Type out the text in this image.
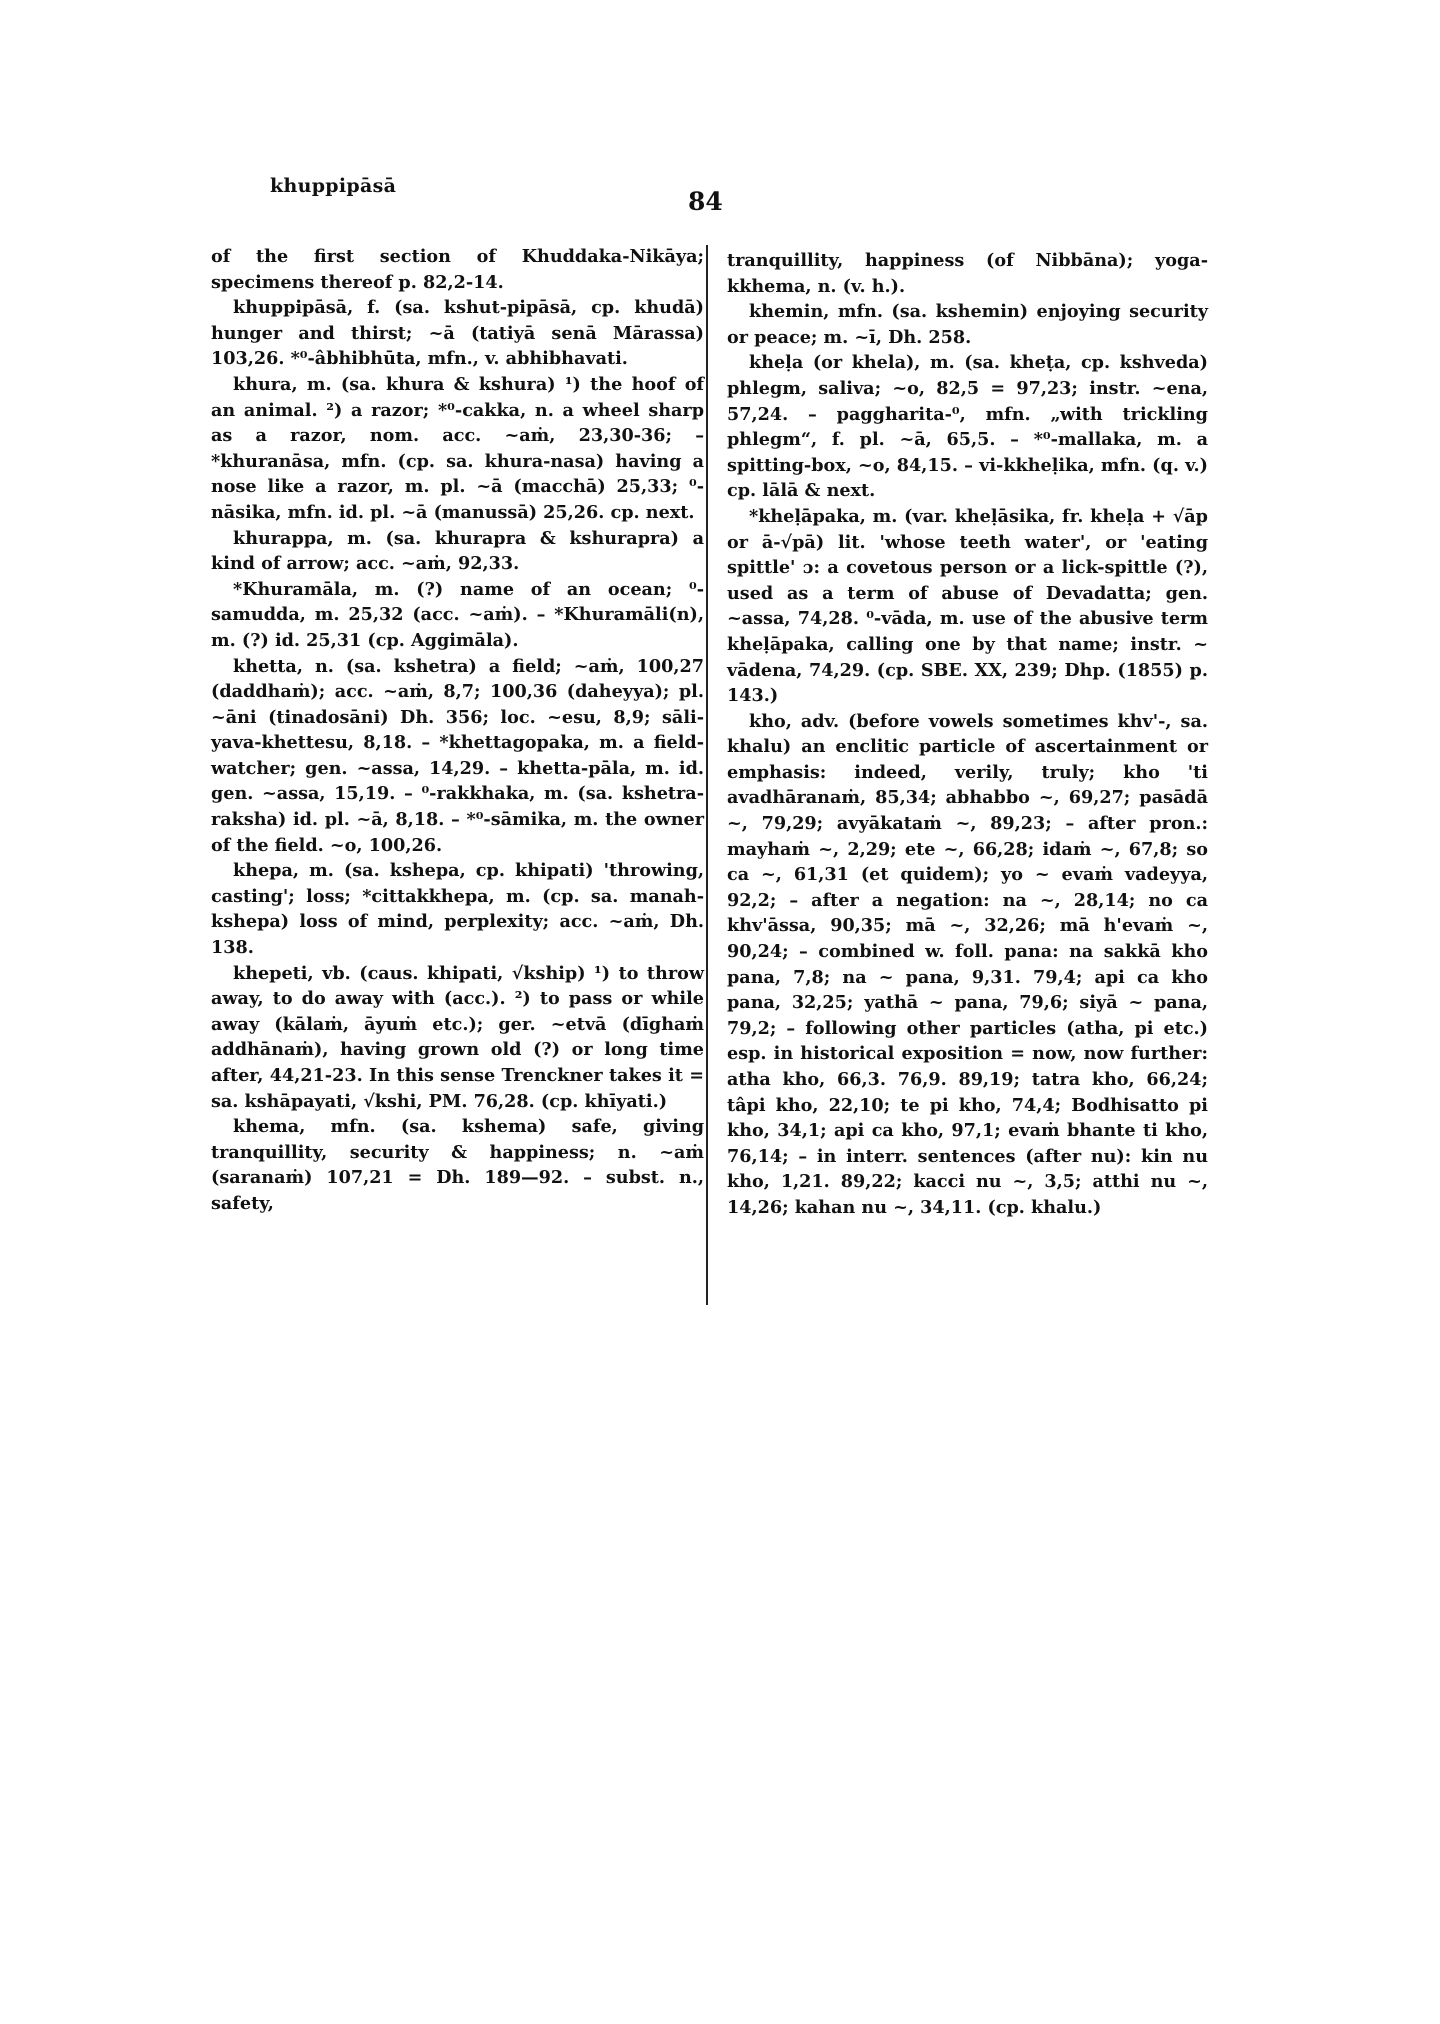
khuppipāsā
84

of the first section of Khuddaka-Nikāya; specimens thereof p. 82,2-14.

khuppipāsā, f. (sa. kshut-pipāsā, cp. khudā) hunger and thirst; ~ā (tatiyā senā Mārassa) 103,26. *⁰-âbhibhūta, mfn., v. abhibhavati.

khura, m. (sa. khura & kshura) ¹) the hoof of an animal. ²) a razor; *⁰-cakka, n. a wheel sharp as a razor, nom. acc. ~aṁ, 23,30-36; – *khuranāsa, mfn. (cp. sa. khura-nasa) having a nose like a razor, m. pl. ~ā (macchā) 25,33; ⁰-nāsika, mfn. id. pl. ~ā (manussā) 25,26. cp. next.

khurappa, m. (sa. khurapra & kshurapra) a kind of arrow; acc. ~aṁ, 92,33.

*Khuramāla, m. (?) name of an ocean; ⁰-samudda, m. 25,32 (acc. ~aṁ). – *Khuramāli(n), m. (?) id. 25,31 (cp. Aggimāla).

khetta, n. (sa. kshetra) a field; ~aṁ, 100,27 (daddhaṁ); acc. ~aṁ, 8,7; 100,36 (daheyya); pl. ~āni (tinadosāni) Dh. 356; loc. ~esu, 8,9; sāli-yava-khettesu, 8,18. – *khettagopaka, m. a field-watcher; gen. ~assa, 14,29. – khetta-pāla, m. id. gen. ~assa, 15,19. – ⁰-rakkhaka, m. (sa. kshetra-raksha) id. pl. ~ā, 8,18. – *⁰-sāmika, m. the owner of the field. ~o, 100,26.

khepa, m. (sa. kshepa, cp. khipati) 'throwing, casting'; loss; *cittakkhepa, m. (cp. sa. manah-kshepa) loss of mind, perplexity; acc. ~aṁ, Dh. 138.

khepeti, vb. (caus. khipati, √kship) ¹) to throw away, to do away with (acc.). ²) to pass or while away (kālaṁ, āyuṁ etc.); ger. ~etvā (dīghaṁ addhānaṁ), having grown old (?) or long time after, 44,21-23. In this sense Trenckner takes it = sa. kshāpayati, √kshi, PM. 76,28. (cp. khīyati.)

khema, mfn. (sa. kshema) safe, giving tranquillity, security & happiness; n. ~aṁ (saranaṁ) 107,21 = Dh. 189—92. – subst. n., safety,

tranquillity, happiness (of Nibbāna); yoga-kkhema, n. (v. h.).

khemin, mfn. (sa. kshemin) enjoying security or peace; m. ~ī, Dh. 258.

kheḷa (or khela), m. (sa. kheṭa, cp. kshveda) phlegm, saliva; ~o, 82,5 = 97,23; instr. ~ena, 57,24. – paggharita-⁰, mfn. „with trickling phlegm“, f. pl. ~ā, 65,5. – *⁰-mallaka, m. a spitting-box, ~o, 84,15. – vi-kkheḷika, mfn. (q. v.) cp. lālā & next.

*kheḷāpaka, m. (var. kheḷāsika, fr. kheḷa + √āp or ā-√pā) lit. 'whose teeth water', or 'eating spittle' ɔ: a covetous person or a lick-spittle (?), used as a term of abuse of Devadatta; gen. ~assa, 74,28. ⁰-vāda, m. use of the abusive term kheḷāpaka, calling one by that name; instr. ~ vādena, 74,29. (cp. SBE. XX, 239; Dhp. (1855) p. 143.)

kho, adv. (before vowels sometimes khv'-, sa. khalu) an enclitic particle of ascertainment or emphasis: indeed, verily, truly; kho 'ti avadhāranaṁ, 85,34; abhabbo ~, 69,27; pasādā ~, 79,29; avyākataṁ ~, 89,23; – after pron.: mayhaṁ ~, 2,29; ete ~, 66,28; idaṁ ~, 67,8; so ca ~, 61,31 (et quidem); yo ~ evaṁ vadeyya, 92,2; – after a negation: na ~, 28,14; no ca khv'āssa, 90,35; mā ~, 32,26; mā h'evaṁ ~, 90,24; – combined w. foll. pana: na sakkā kho pana, 7,8; na ~ pana, 9,31. 79,4; api ca kho pana, 32,25; yathā ~ pana, 79,6; siyā ~ pana, 79,2; – following other particles (atha, pi etc.) esp. in historical exposition = now, now further: atha kho, 66,3. 76,9. 89,19; tatra kho, 66,24; tâpi kho, 22,10; te pi kho, 74,4; Bodhisatto pi kho, 34,1; api ca kho, 97,1; evaṁ bhante ti kho, 76,14; – in interr. sentences (after nu): kin nu kho, 1,21. 89,22; kacci nu ~, 3,5; atthi nu ~, 14,26; kahan nu ~, 34,11. (cp. khalu.)
